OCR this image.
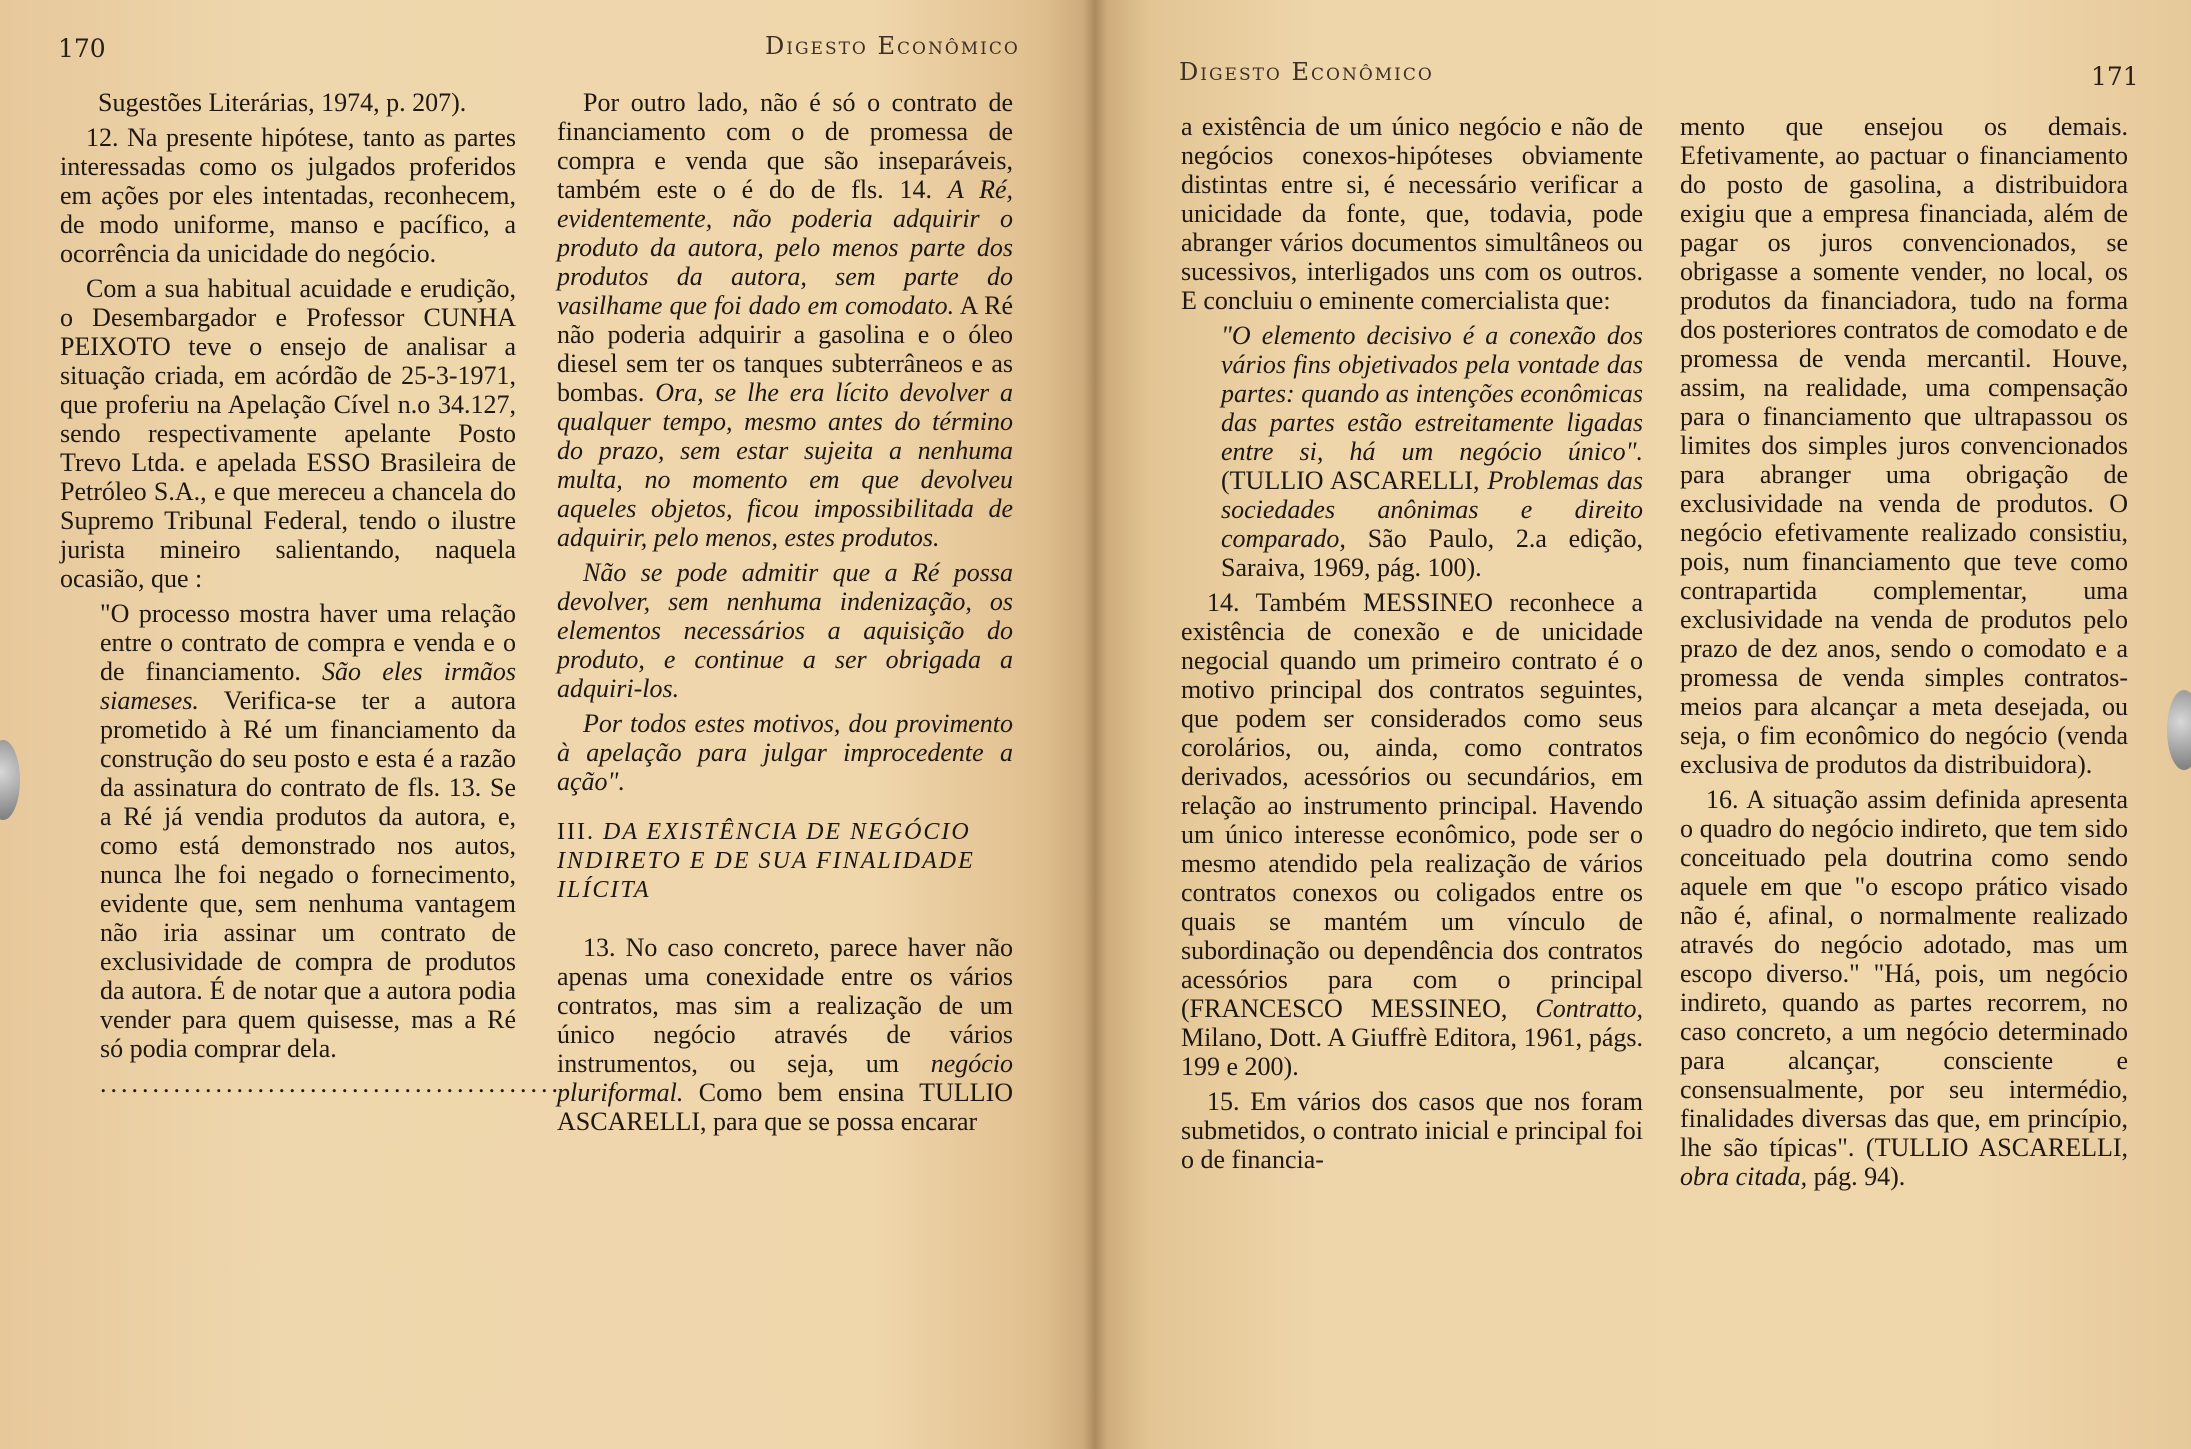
170	Digesto Econômico

Sugestões Literárias, 1974, p. 207).

12. Na presente hipótese, tanto as partes interessadas como os julgados proferidos em ações por eles intentadas, reconhecem, de modo uniforme, manso e pacífico, a ocorrência da unicidade do negócio.

Com a sua habitual acuidade e erudição, o Desembargador e Professor CUNHA PEIXOTO teve o ensejo de analisar a situação criada, em acórdão de 25-3-1971, que proferiu na Apelação Cível n.o 34.127, sendo respectivamente apelante Posto Trevo Ltda. e apelada ESSO Brasileira de Petróleo S.A., e que mereceu a chancela do Supremo Tribunal Federal, tendo o ilustre jurista mineiro salientando, naquela ocasião, que :

"O processo mostra haver uma relação entre o contrato de compra e venda e o de financiamento. São eles irmãos siameses. Verifica-se ter a autora prometido à Ré um financiamento da construção do seu posto e esta é a razão da assinatura do contrato de fls. 13. Se a Ré já vendia produtos da autora, e, como está demonstrado nos autos, nunca lhe foi negado o fornecimento, evidente que, sem nenhuma vantagem não iria assinar um contrato de exclusividade de compra de produtos da autora. É de notar que a autora podia vender para quem quisesse, mas a Ré só podia comprar dela.

............................................

Por outro lado, não é só o contrato de financiamento com o de promessa de compra e venda que são inseparáveis, também este o é do de fls. 14. A Ré, evidentemente, não poderia adquirir o produto da autora, pelo menos parte dos produtos da autora, sem parte do vasilhame que foi dado em comodato. A Ré não poderia adquirir a gasolina e o óleo diesel sem ter os tanques subterrâneos e as bombas. Ora, se lhe era lícito devolver a qualquer tempo, mesmo antes do término do prazo, sem estar sujeita a nenhuma multa, no momento em que devolveu aqueles objetos, ficou impossibilitada de adquirir, pelo menos, estes produtos.

Não se pode admitir que a Ré possa devolver, sem nenhuma indenização, os elementos necessários a aquisição do produto, e continue a ser obrigada a adquiri-los.

Por todos estes motivos, dou provimento à apelação para julgar improcedente a ação".

III. DA EXISTÊNCIA DE NEGÓCIO INDIRETO E DE SUA FINALIDADE ILÍCITA

13. No caso concreto, parece haver não apenas uma conexidade entre os vários contratos, mas sim a realização de um único negócio através de vários instrumentos, ou seja, um negócio pluriformal. Como bem ensina TULLIO ASCARELLI, para que se possa encarar

Digesto Econômico	171

a existência de um único negócio e não de negócios conexos-hipóteses obviamente distintas entre si, é necessário verificar a unicidade da fonte, que, todavia, pode abranger vários documentos simultâneos ou sucessivos, interligados uns com os outros. E concluiu o eminente comercialista que:

"O elemento decisivo é a conexão dos vários fins objetivados pela vontade das partes: quando as intenções econômicas das partes estão estreitamente ligadas entre si, há um negócio único". (TULLIO ASCARELLI, Problemas das sociedades anônimas e direito comparado, São Paulo, 2.a edição, Saraiva, 1969, pág. 100).

14. Também MESSINEO reconhece a existência de conexão e de unicidade negocial quando um primeiro contrato é o motivo principal dos contratos seguintes, que podem ser considerados como seus corolários, ou, ainda, como contratos derivados, acessórios ou secundários, em relação ao instrumento principal. Havendo um único interesse econômico, pode ser o mesmo atendido pela realização de vários contratos conexos ou coligados entre os quais se mantém um vínculo de subordinação ou dependência dos contratos acessórios para com o principal (FRANCESCO MESSINEO, Contratto, Milano, Dott. A Giuffrè Editora, 1961, págs. 199 e 200).

15. Em vários dos casos que nos foram submetidos, o contrato inicial e principal foi o de financia-

mento que ensejou os demais. Efetivamente, ao pactuar o financiamento do posto de gasolina, a distribuidora exigiu que a empresa financiada, além de pagar os juros convencionados, se obrigasse a somente vender, no local, os produtos da financiadora, tudo na forma dos posteriores contratos de comodato e de promessa de venda mercantil. Houve, assim, na realidade, uma compensação para o financiamento que ultrapassou os limites dos simples juros convencionados para abranger uma obrigação de exclusividade na venda de produtos. O negócio efetivamente realizado consistiu, pois, num financiamento que teve como contrapartida complementar, uma exclusividade na venda de produtos pelo prazo de dez anos, sendo o comodato e a promessa de venda simples contratos-meios para alcançar a meta desejada, ou seja, o fim econômico do negócio (venda exclusiva de produtos da distribuidora).

16. A situação assim definida apresenta o quadro do negócio indireto, que tem sido conceituado pela doutrina como sendo aquele em que "o escopo prático visado não é, afinal, o normalmente realizado através do negócio adotado, mas um escopo diverso." "Há, pois, um negócio indireto, quando as partes recorrem, no caso concreto, a um negócio determinado para alcançar, consciente e consensualmente, por seu intermédio, finalidades diversas das que, em princípio, lhe são típicas". (TULLIO ASCARELLI, obra citada, pág. 94).
